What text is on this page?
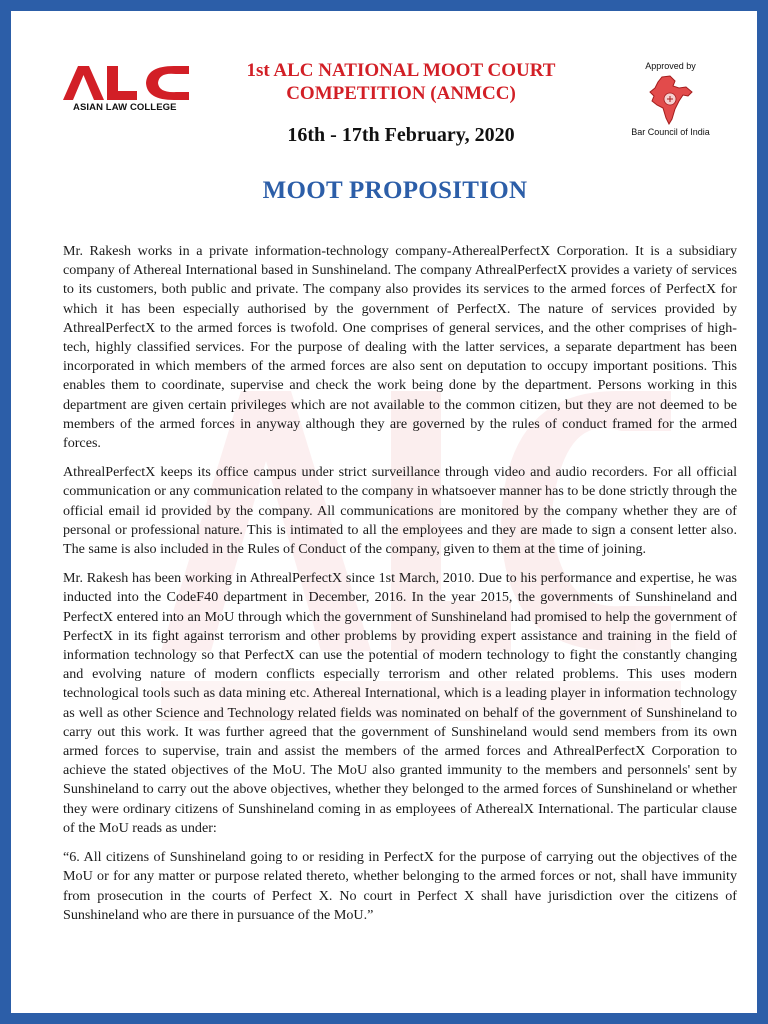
ASIAN LAW COLLEGE
1st ALC NATIONAL MOOT COURT
COMPETITION (ANMCC)
16th - 17th February, 2020
Approved by
Bar Council of India
MOOT PROPOSITION

Mr. Rakesh works in a private information-technology company-AtherealPerfectX Corporation. It is a subsidiary company of Athereal International based in Sunshineland. The company AthrealPerfectX provides a variety of services to its customers, both public and private. The company also provides its services to the armed forces of PerfectX for which it has been especially authorised by the government of PerfectX. The nature of services provided by AthrealPerfectX to the armed forces is twofold. One comprises of general services, and the other comprises of high-tech, highly classified services. For the purpose of dealing with the latter services, a separate department has been incorporated in which members of the armed forces are also sent on deputation to occupy important positions. This enables them to coordinate, supervise and check the work being done by the department. Persons working in this department are given certain privileges which are not available to the common citizen, but they are not deemed to be members of the armed forces in anyway although they are governed by the rules of conduct framed for the armed forces.

AthrealPerfectX keeps its office campus under strict surveillance through video and audio recorders. For all official communication or any communication related to the company in whatsoever manner has to be done strictly through the official email id provided by the company. All communications are monitored by the company whether they are of personal or professional nature. This is intimated to all the employees and they are made to sign a consent letter also. The same is also included in the Rules of Conduct of the company, given to them at the time of joining.

Mr. Rakesh has been working in AthrealPerfectX since 1st March, 2010. Due to his performance and expertise, he was inducted into the CodeF40 department in December, 2016. In the year 2015, the governments of Sunshineland and PerfectX entered into an MoU through which the government of Sunshineland had promised to help the government of PerfectX in its fight against terrorism and other problems by providing expert assistance and training in the field of information technology so that PerfectX can use the potential of modern technology to fight the constantly changing and evolving nature of modern conflicts especially terrorism and other related problems. This uses modern technological tools such as data mining etc. Athereal International, which is a leading player in information technology as well as other Science and Technology related fields was nominated on behalf of the government of Sunshineland to carry out this work. It was further agreed that the government of Sunshineland would send members from its own armed forces to supervise, train and assist the members of the armed forces and AthrealPerfectX Corporation to achieve the stated objectives of the MoU. The MoU also granted immunity to the members and personnels' sent by Sunshineland to carry out the above objectives, whether they belonged to the armed forces of Sunshineland or whether they were ordinary citizens of Sunshineland coming in as employees of AtherealX International. The particular clause of the MoU reads as under:

“6. All citizens of Sunshineland going to or residing in PerfectX for the purpose of carrying out the objectives of the MoU or for any matter or purpose related thereto, whether belonging to the armed forces or not, shall have immunity from prosecution in the courts of Perfect X. No court in Perfect X shall have jurisdiction over the citizens of Sunshineland who are there in pursuance of the MoU.”
